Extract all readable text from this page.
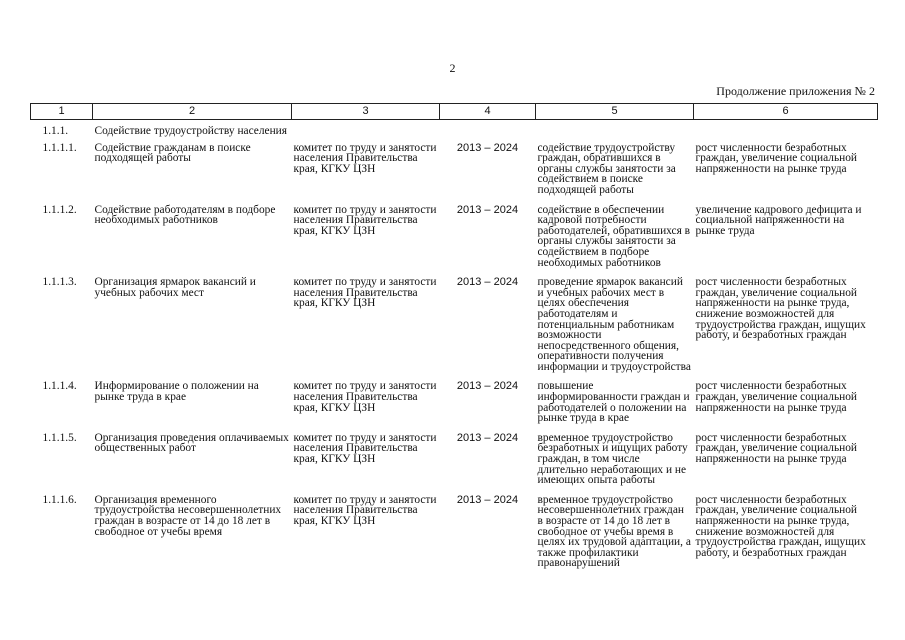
2
Продолжение приложения № 2
1	2	3	4	5	6
1.1.1.	Содействие трудоустройству населения				
1.1.1.1.	Содействие гражданам в поиске подходящей работы	комитет по труду и занятости населения Правительства края, КГКУ ЦЗН	2013 – 2024	содействие трудоустройству граждан, обратившихся в органы службы занятости за содействием в поиске подходящей работы	рост численности безработных граждан, увеличение социальной напряженности на рынке труда
1.1.1.2.	Содействие работодателям в подборе необходимых работников	комитет по труду и занятости населения Правительства края, КГКУ ЦЗН	2013 – 2024	содействие в обеспечении кадровой потребности работодателей, обратившихся в органы службы занятости за содействием в подборе необходимых работников	увеличение кадрового дефицита и социальной напряженности на рынке труда
1.1.1.3.	Организация ярмарок вакансий и учебных рабочих мест	комитет по труду и занятости населения Правительства края, КГКУ ЦЗН	2013 – 2024	проведение ярмарок вакансий и учебных рабочих мест в целях обеспечения работодателям и потенциальным работникам возможности непосредственного общения, оперативности получения информации и трудоустройства	рост численности безработных граждан, увеличение социальной напряженности на рынке труда, снижение возможностей для трудоустройства граждан, ищущих работу, и безработных граждан
1.1.1.4.	Информирование о положении на рынке труда в крае	комитет по труду и занятости населения Правительства края, КГКУ ЦЗН	2013 – 2024	повышение информированности граждан и работодателей о положении на рынке труда в крае	рост численности безработных граждан, увеличение социальной напряженности на рынке труда
1.1.1.5.	Организация проведения оплачиваемых общественных работ	комитет по труду и занятости населения Правительства края, КГКУ ЦЗН	2013 – 2024	временное трудоустройство безработных и ищущих работу граждан, в том числе длительно неработающих и не имеющих опыта работы	рост численности безработных граждан, увеличение социальной напряженности на рынке труда
1.1.1.6.	Организация временного трудоустройства несовершеннолетних граждан в возрасте от 14 до 18 лет в свободное от учебы время	комитет по труду и занятости населения Правительства края, КГКУ ЦЗН	2013 – 2024	временное трудоустройство несовершеннолетних граждан в возрасте от 14 до 18 лет в свободное от учебы время в целях их трудовой адаптации, а также профилактики правонарушений	рост численности безработных граждан, увеличение социальной напряженности на рынке труда, снижение возможностей для трудоустройства граждан, ищущих работу, и безработных граждан
